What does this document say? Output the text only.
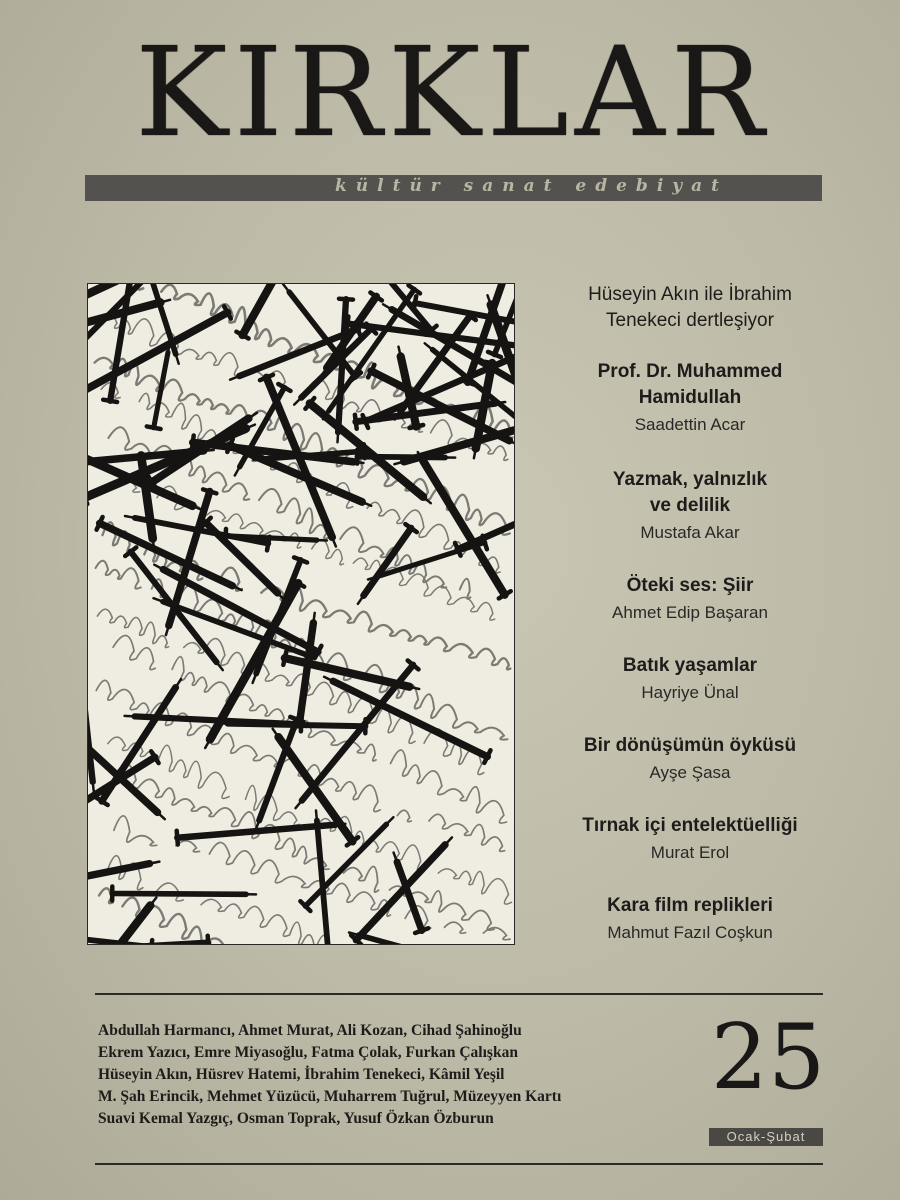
KIRKLAR
kültür sanat edebiyat
Hüseyin Akın ile İbrahim
Tenekeci dertleşiyor
Prof. Dr. Muhammed
Hamidullah
Saadettin Acar
Yazmak, yalnızlık
ve delilik
Mustafa Akar
Öteki ses: Şiir
Ahmet Edip Başaran
Batık yaşamlar
Hayriye Ünal
Bir dönüşümün öyküsü
Ayşe Şasa
Tırnak içi entelektüelliği
Murat Erol
Kara film replikleri
Mahmut Fazıl Coşkun
Abdullah Harmancı, Ahmet Murat, Ali Kozan, Cihad Şahinoğlu
Ekrem Yazıcı, Emre Miyasoğlu, Fatma Çolak, Furkan Çalışkan
Hüseyin Akın, Hüsrev Hatemi, İbrahim Tenekeci, Kâmil Yeşil
M. Şah Erincik, Mehmet Yüzücü, Muharrem Tuğrul, Müzeyyen Kartı
Suavi Kemal Yazgıç, Osman Toprak, Yusuf Özkan Özburun
25
Ocak-Şubat
